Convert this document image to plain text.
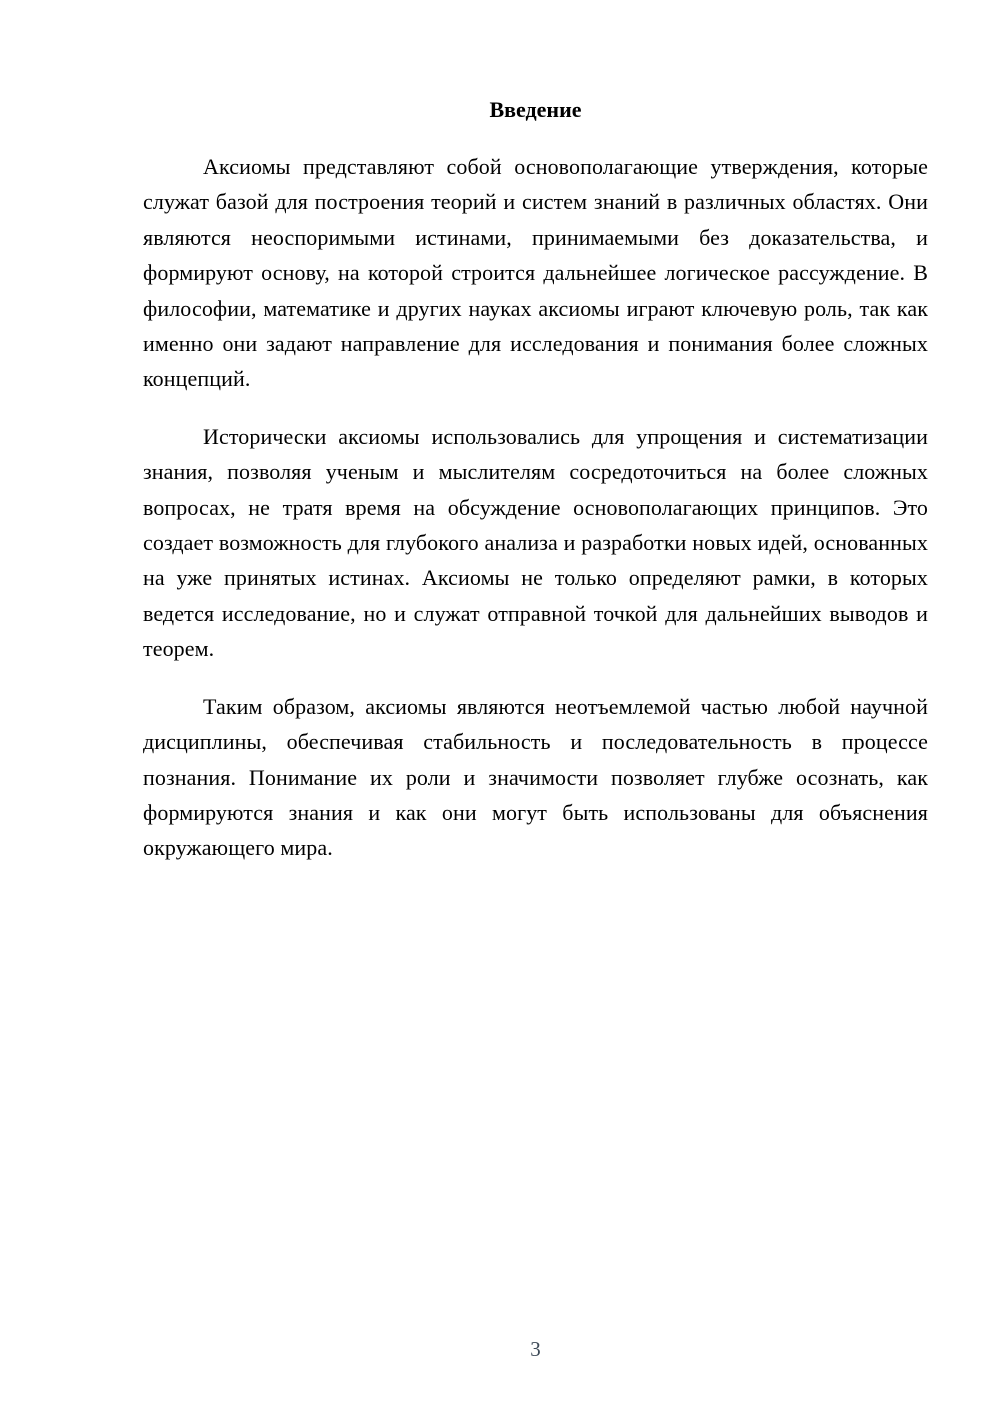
Введение

Аксиомы представляют собой основополагающие утверждения, которые служат базой для построения теорий и систем знаний в различных областях. Они являются неоспоримыми истинами, принимаемыми без доказательства, и формируют основу, на которой строится дальнейшее логическое рассуждение. В философии, математике и других науках аксиомы играют ключевую роль, так как именно они задают направление для исследования и понимания более сложных концепций.

Исторически аксиомы использовались для упрощения и систематизации знания, позволяя ученым и мыслителям сосредоточиться на более сложных вопросах, не тратя время на обсуждение основополагающих принципов. Это создает возможность для глубокого анализа и разработки новых идей, основанных на уже принятых истинах. Аксиомы не только определяют рамки, в которых ведется исследование, но и служат отправной точкой для дальнейших выводов и теорем.

Таким образом, аксиомы являются неотъемлемой частью любой научной дисциплины, обеспечивая стабильность и последовательность в процессе познания. Понимание их роли и значимости позволяет глубже осознать, как формируются знания и как они могут быть использованы для объяснения окружающего мира.

3
